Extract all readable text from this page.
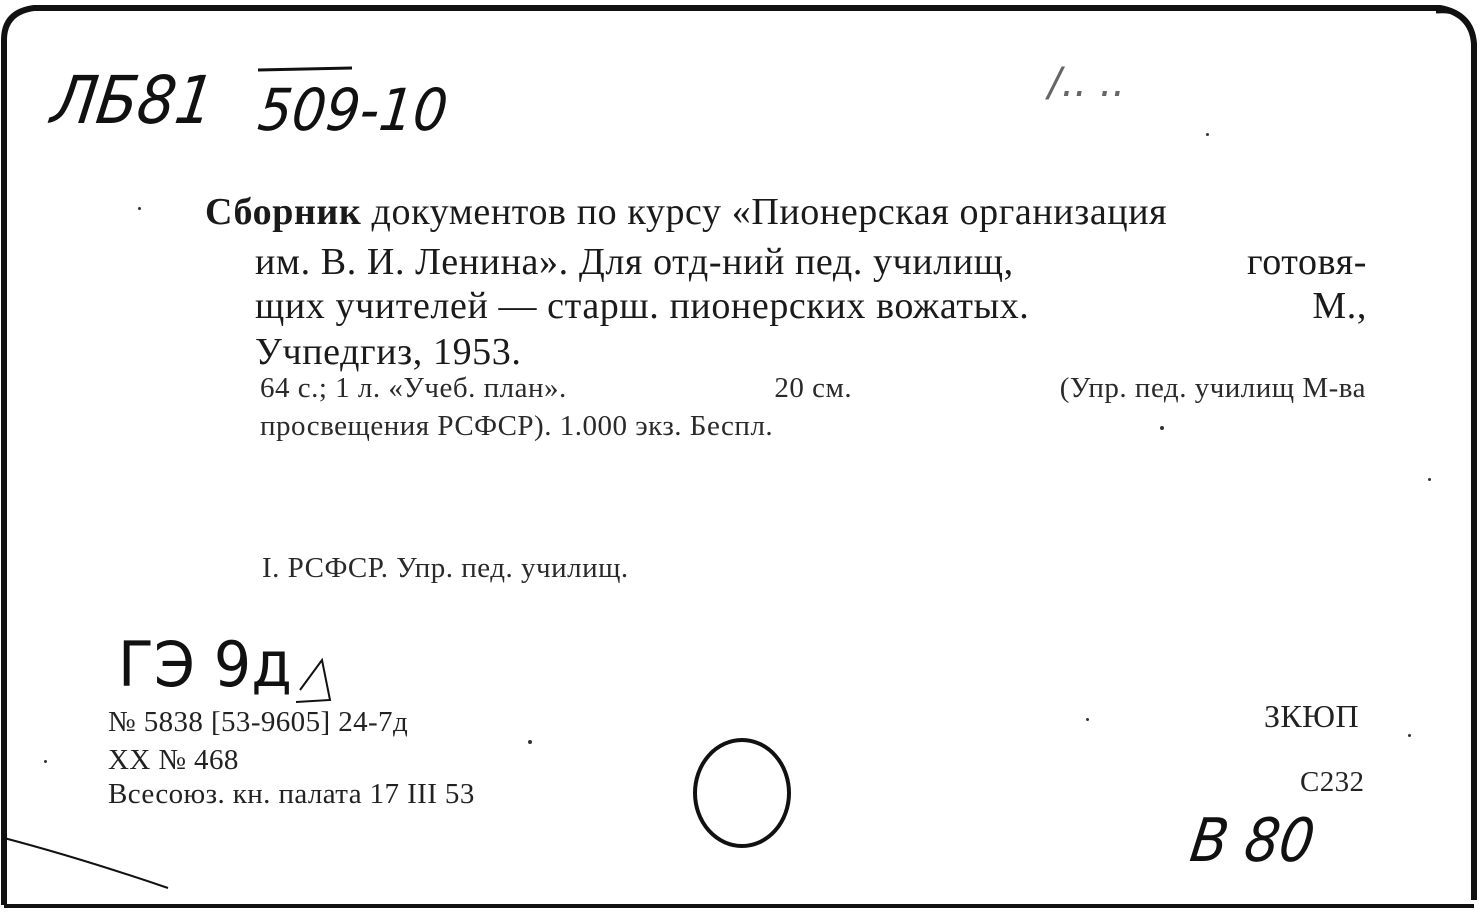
ЛБ81 509-10	/.. ..
Сборник документов по курсу «Пионерская организация
им. В. И. Ленина». Для отд-ний пед. училищ,	готовя-
щих учителей — старш. пионерских вожатых.	М.,
Учпедгиз, 1953.
64 с.; 1 л. «Учеб. план».	20 см.	(Упр. пед. училищ М-ва
просвещения РСФСР). 1.000 экз. Беспл.
I. РСФСР. Упр. пед. училищ.
ГЭ 9д
№ 5838 [53-9605] 24-7д
XX № 468
Всесоюз. кн. палата 17 III 53
ЗКЮП
С232
В 80
